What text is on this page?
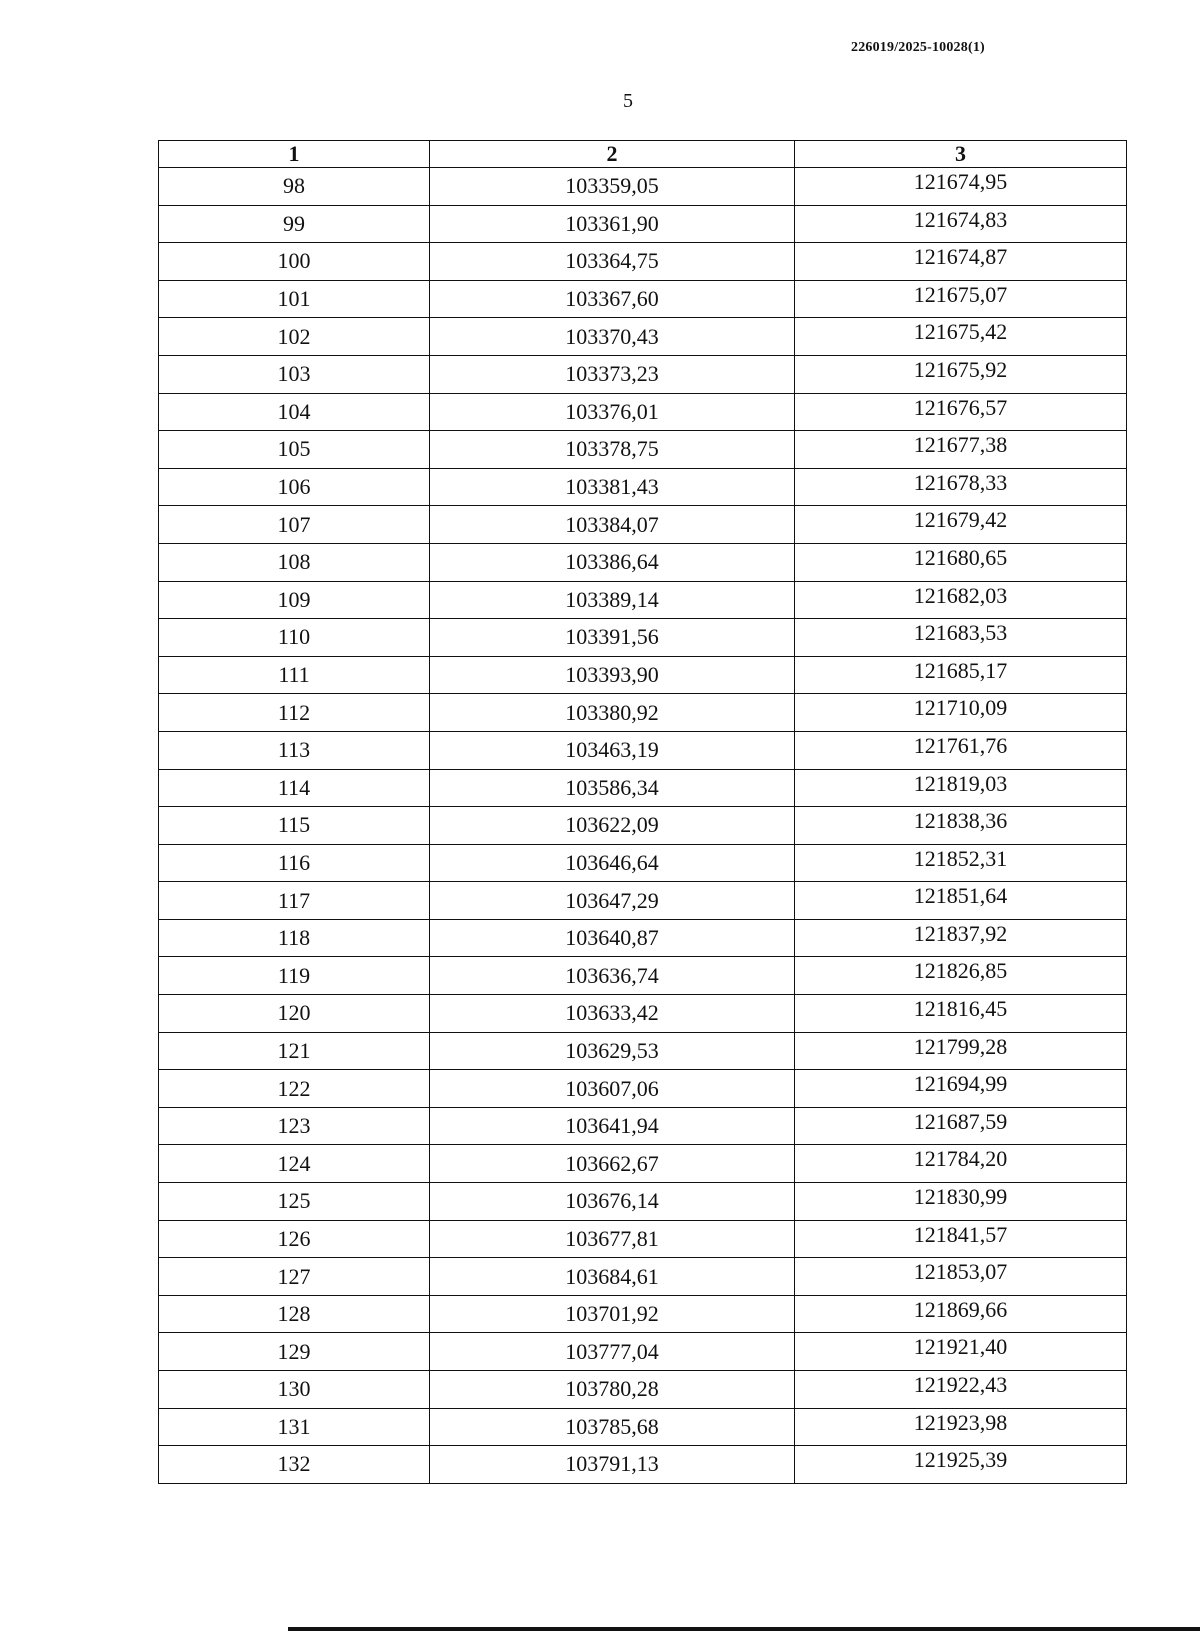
226019/2025-10028(1)
5
1	2	3
98	103359,05	121674,95
99	103361,90	121674,83
100	103364,75	121674,87
101	103367,60	121675,07
102	103370,43	121675,42
103	103373,23	121675,92
104	103376,01	121676,57
105	103378,75	121677,38
106	103381,43	121678,33
107	103384,07	121679,42
108	103386,64	121680,65
109	103389,14	121682,03
110	103391,56	121683,53
111	103393,90	121685,17
112	103380,92	121710,09
113	103463,19	121761,76
114	103586,34	121819,03
115	103622,09	121838,36
116	103646,64	121852,31
117	103647,29	121851,64
118	103640,87	121837,92
119	103636,74	121826,85
120	103633,42	121816,45
121	103629,53	121799,28
122	103607,06	121694,99
123	103641,94	121687,59
124	103662,67	121784,20
125	103676,14	121830,99
126	103677,81	121841,57
127	103684,61	121853,07
128	103701,92	121869,66
129	103777,04	121921,40
130	103780,28	121922,43
131	103785,68	121923,98
132	103791,13	121925,39
